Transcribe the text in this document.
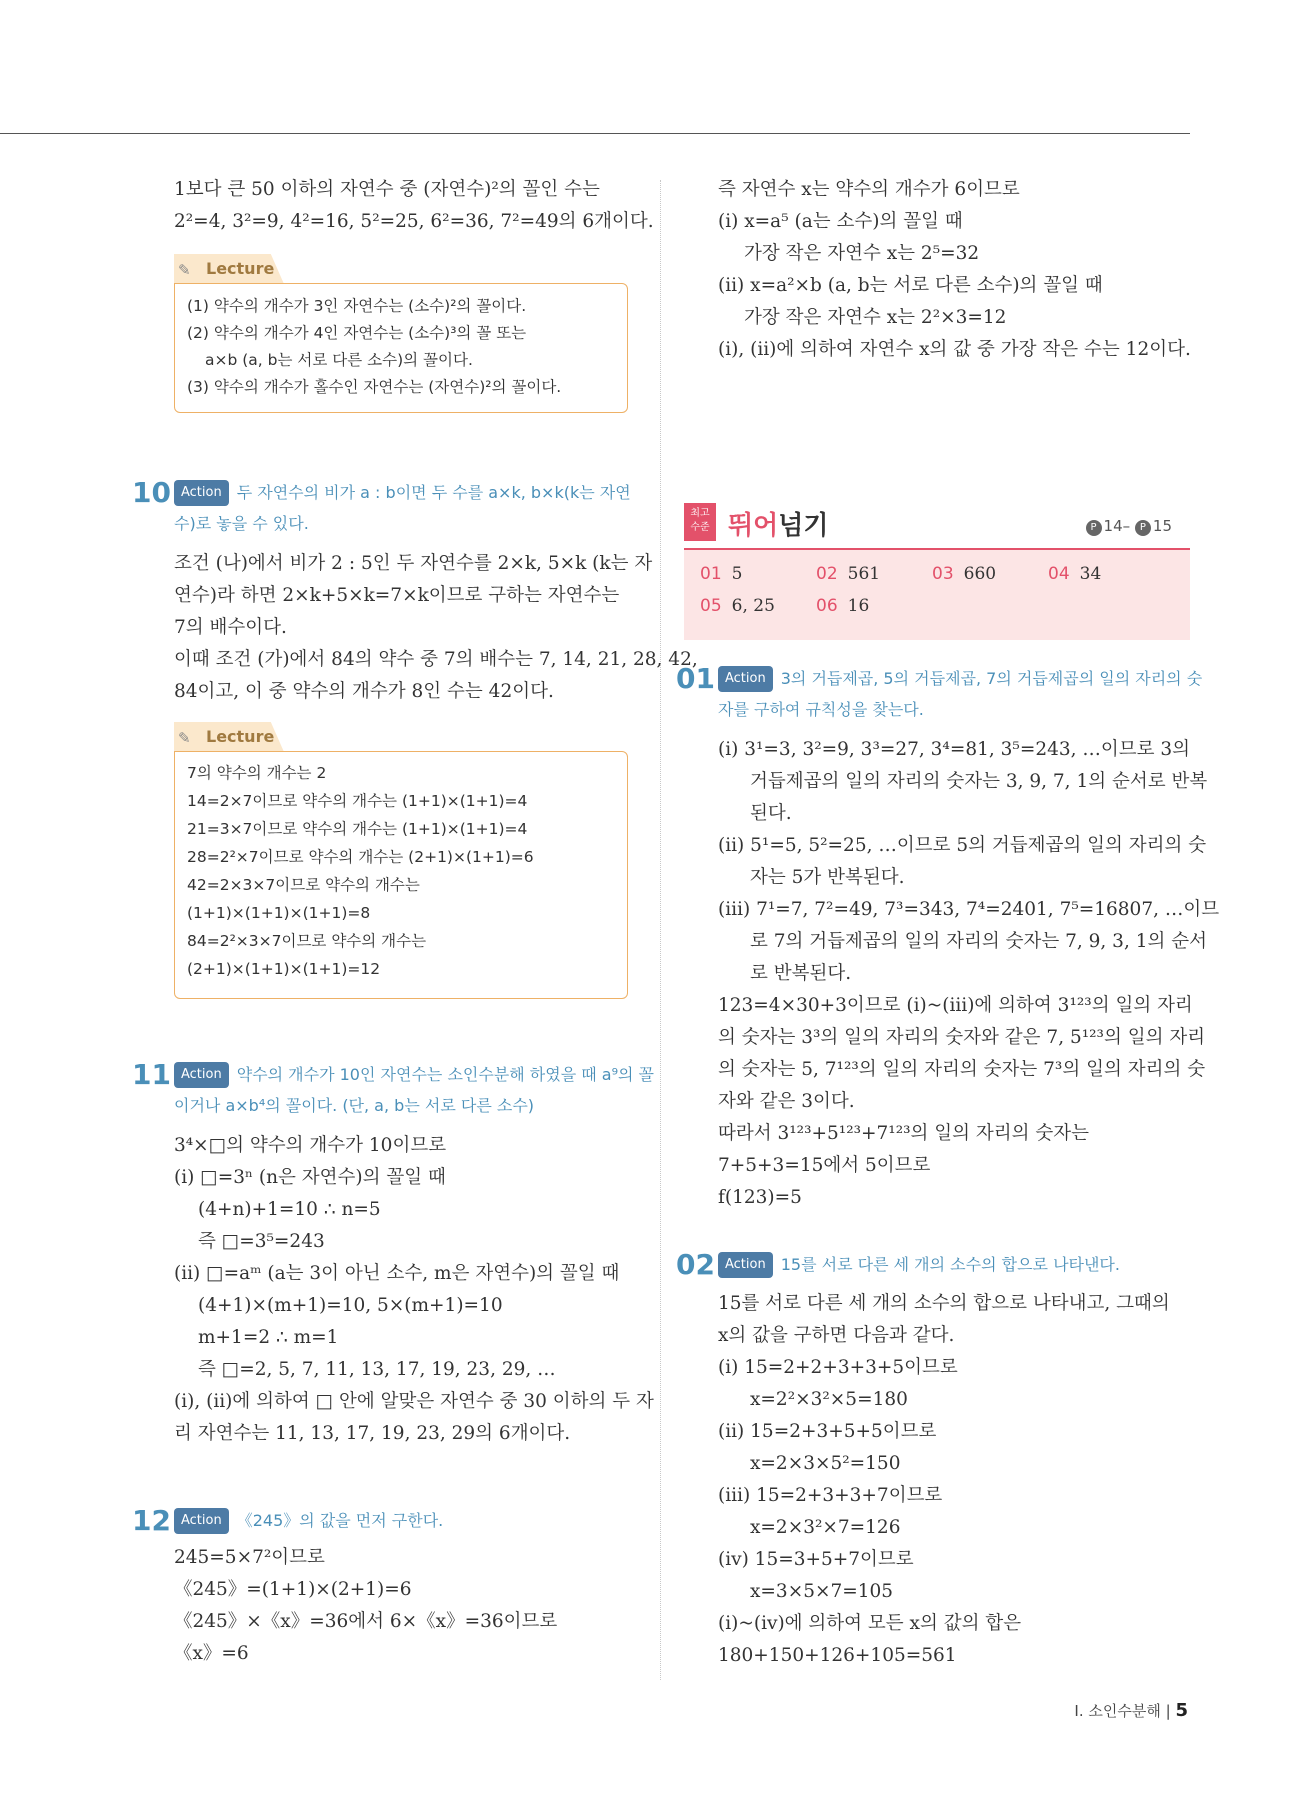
1보다 큰 50 이하의 자연수 중 (자연수)²의 꼴인 수는
2²=4, 3²=9, 4²=16, 5²=25, 6²=36, 7²=49의 6개이다.
✎ Lecture
(1) 약수의 개수가 3인 자연수는 (소수)²의 꼴이다.
(2) 약수의 개수가 4인 자연수는 (소수)³의 꼴 또는
a×b (a, b는 서로 다른 소수)의 꼴이다.
(3) 약수의 개수가 홀수인 자연수는 (자연수)²의 꼴이다.
10 Action 두 자연수의 비가 a : b이면 두 수를 a×k, b×k(k는 자연
수)로 놓을 수 있다.
조건 (나)에서 비가 2 : 5인 두 자연수를 2×k, 5×k (k는 자
연수)라 하면 2×k+5×k=7×k이므로 구하는 자연수는
7의 배수이다.
이때 조건 (가)에서 84의 약수 중 7의 배수는 7, 14, 21, 28, 42,
84이고, 이 중 약수의 개수가 8인 수는 42이다.
✎ Lecture
7의 약수의 개수는 2
14=2×7이므로 약수의 개수는 (1+1)×(1+1)=4
21=3×7이므로 약수의 개수는 (1+1)×(1+1)=4
28=2²×7이므로 약수의 개수는 (2+1)×(1+1)=6
42=2×3×7이므로 약수의 개수는
(1+1)×(1+1)×(1+1)=8
84=2²×3×7이므로 약수의 개수는
(2+1)×(1+1)×(1+1)=12
11 Action 약수의 개수가 10인 자연수는 소인수분해 하였을 때 a⁹의 꼴
이거나 a×b⁴의 꼴이다. (단, a, b는 서로 다른 소수)
3⁴×□의 약수의 개수가 10이므로
(ⅰ) □=3ⁿ (n은 자연수)의 꼴일 때
(4+n)+1=10 ∴ n=5
즉 □=3⁵=243
(ⅱ) □=aᵐ (a는 3이 아닌 소수, m은 자연수)의 꼴일 때
(4+1)×(m+1)=10, 5×(m+1)=10
m+1=2 ∴ m=1
즉 □=2, 5, 7, 11, 13, 17, 19, 23, 29, …
(ⅰ), (ⅱ)에 의하여 □ 안에 알맞은 자연수 중 30 이하의 두 자
리 자연수는 11, 13, 17, 19, 23, 29의 6개이다.
12 Action 《245》의 값을 먼저 구한다.
245=5×7²이므로
《245》=(1+1)×(2+1)=6
《245》×《x》=36에서 6×《x》=36이므로
《x》=6
즉 자연수 x는 약수의 개수가 6이므로
(ⅰ) x=a⁵ (a는 소수)의 꼴일 때
가장 작은 자연수 x는 2⁵=32
(ⅱ) x=a²×b (a, b는 서로 다른 소수)의 꼴일 때
가장 작은 자연수 x는 2²×3=12
(ⅰ), (ⅱ)에 의하여 자연수 x의 값 중 가장 작은 수는 12이다.
최고
수준 뛰어넘기	P 14– P 15
01 5	02 561	03 660	04 34
05 6, 25 06 16
01 Action 3의 거듭제곱, 5의 거듭제곱, 7의 거듭제곱의 일의 자리의 숫
자를 구하여 규칙성을 찾는다.
(ⅰ) 3¹=3, 3²=9, 3³=27, 3⁴=81, 3⁵=243, …이므로 3의
거듭제곱의 일의 자리의 숫자는 3, 9, 7, 1의 순서로 반복
된다.
(ⅱ) 5¹=5, 5²=25, …이므로 5의 거듭제곱의 일의 자리의 숫
자는 5가 반복된다.
(ⅲ) 7¹=7, 7²=49, 7³=343, 7⁴=2401, 7⁵=16807, …이므
로 7의 거듭제곱의 일의 자리의 숫자는 7, 9, 3, 1의 순서
로 반복된다.
123=4×30+3이므로 (ⅰ)~(ⅲ)에 의하여 3¹²³의 일의 자리
의 숫자는 3³의 일의 자리의 숫자와 같은 7, 5¹²³의 일의 자리
의 숫자는 5, 7¹²³의 일의 자리의 숫자는 7³의 일의 자리의 숫
자와 같은 3이다.
따라서 3¹²³+5¹²³+7¹²³의 일의 자리의 숫자는
7+5+3=15에서 5이므로
f(123)=5
02 Action 15를 서로 다른 세 개의 소수의 합으로 나타낸다.
15를 서로 다른 세 개의 소수의 합으로 나타내고, 그때의
x의 값을 구하면 다음과 같다.
(ⅰ) 15=2+2+3+3+5이므로
x=2²×3²×5=180
(ⅱ) 15=2+3+5+5이므로
x=2×3×5²=150
(ⅲ) 15=2+3+3+7이므로
x=2×3²×7=126
(ⅳ) 15=3+5+7이므로
x=3×5×7=105
(ⅰ)~(ⅳ)에 의하여 모든 x의 값의 합은
180+150+126+105=561
I. 소인수분해 | 5
